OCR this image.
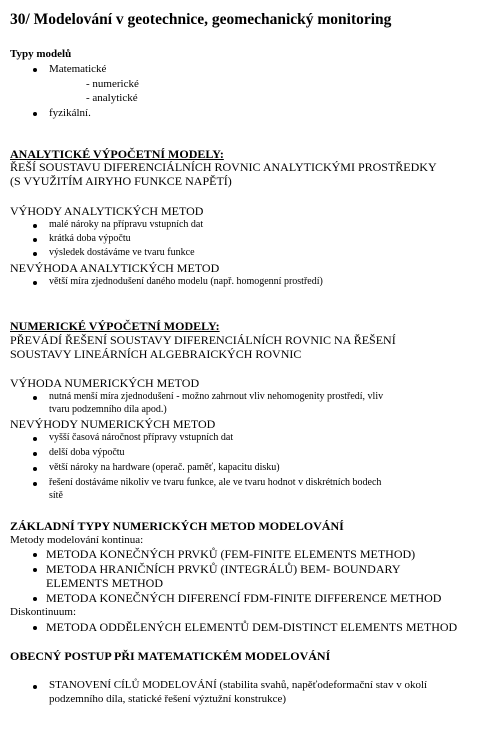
30/ Modelování v geotechnice, geomechanický monitoring
Typy modelů
Matematické
- numerické
- analytické
fyzikální.
ANALYTICKÉ VÝPOČETNÍ MODELY:
ŘEŠÍ SOUSTAVU DIFERENCIÁLNÍCH ROVNIC ANALYTICKÝMI PROSTŘEDKY
(S VYUŽITÍM AIRYHO FUNKCE NAPĚTÍ)
VÝHODY ANALYTICKÝCH METOD
malé nároky na přípravu vstupních dat
krátká doba výpočtu
výsledek dostáváme ve tvaru funkce
NEVÝHODA ANALYTICKÝCH METOD
větší míra zjednodušení daného modelu (např. homogenní prostředí)
NUMERICKÉ VÝPOČETNÍ MODELY:
PŘEVÁDÍ ŘEŠENÍ SOUSTAVY DIFERENCIÁLNÍCH ROVNIC NA ŘEŠENÍ
SOUSTAVY LINEÁRNÍCH ALGEBRAICKÝCH ROVNIC
VÝHODA NUMERICKÝCH METOD
nutná menší míra zjednodušení - možno zahrnout vliv nehomogenity prostředí, vliv
tvaru podzemního díla apod.)
NEVÝHODY NUMERICKÝCH METOD
vyšší časová náročnost přípravy vstupních dat
delší doba výpočtu
větší nároky na hardware (operač. paměť, kapacitu disku)
řešení dostáváme nikoliv ve tvaru funkce, ale ve tvaru hodnot v diskrétních bodech
sítě
ZÁKLADNÍ TYPY NUMERICKÝCH METOD MODELOVÁNÍ
Metody modelování kontinua:
METODA KONEČNÝCH PRVKŮ (FEM-FINITE ELEMENTS METHOD)
METODA HRANIČNÍCH PRVKŮ (INTEGRÁLŮ) BEM- BOUNDARY
ELEMENTS METHOD
METODA KONEČNÝCH DIFERENCÍ FDM-FINITE DIFFERENCE METHOD
Diskontinuum:
METODA ODDĚLENÝCH ELEMENTŮ DEM-DISTINCT ELEMENTS METHOD
OBECNÝ POSTUP PŘI MATEMATICKÉM MODELOVÁNÍ
STANOVENÍ CÍLŮ MODELOVÁNÍ (stabilita svahů, napěťodeformační stav v okolí
podzemního díla, statické řešení výztužní konstrukce)
